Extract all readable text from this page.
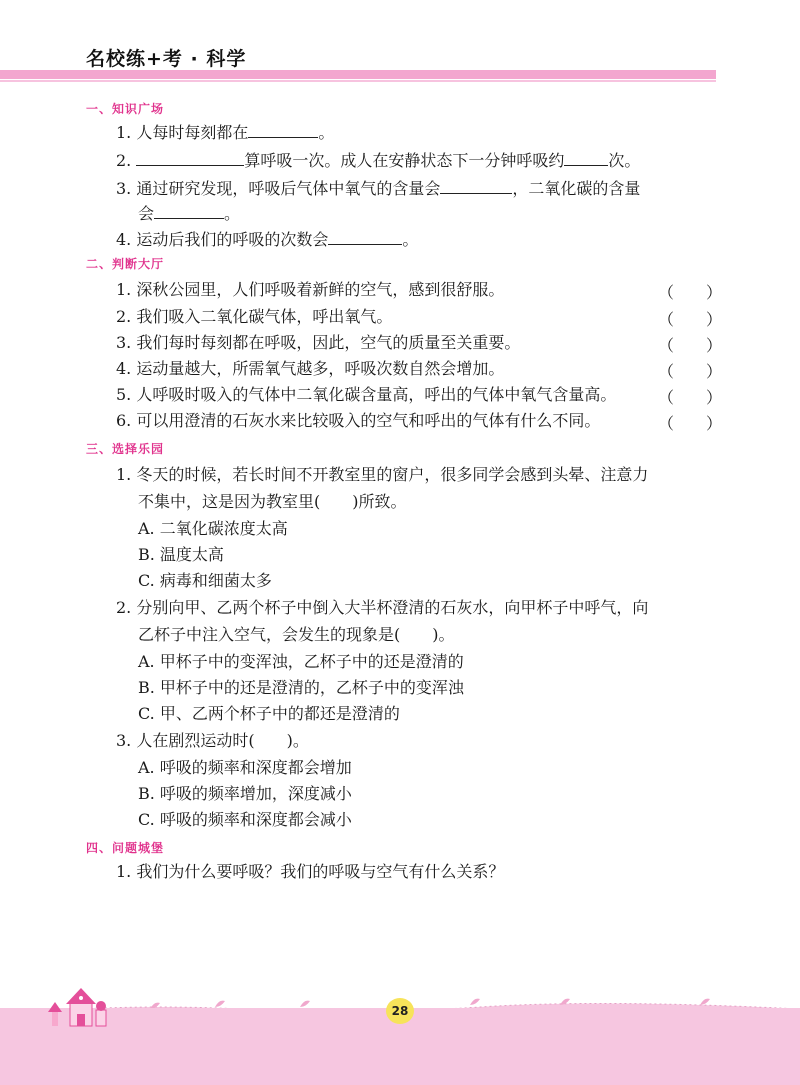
名校练+考 · 科学
一、知识广场
1. 人每时每刻都在	。
2.	算呼吸一次。成人在安静状态下一分钟呼吸约	次。
3. 通过研究发现，呼吸后气体中氧气的含量会	，二氧化碳的含量
会	。
4. 运动后我们的呼吸的次数会	。
二、判断大厅
1. 深秋公园里，人们呼吸着新鲜的空气，感到很舒服。	（　　）
2. 我们吸入二氧化碳气体，呼出氧气。	（　　）
3. 我们每时每刻都在呼吸，因此，空气的质量至关重要。	（　　）
4. 运动量越大，所需氧气越多，呼吸次数自然会增加。	（　　）
5. 人呼吸时吸入的气体中二氧化碳含量高，呼出的气体中氧气含量高。	（　　）
6. 可以用澄清的石灰水来比较吸入的空气和呼出的气体有什么不同。	（　　）
三、选择乐园
1. 冬天的时候，若长时间不开教室里的窗户，很多同学会感到头晕、注意力
不集中，这是因为教室里(　　)所致。
A. 二氧化碳浓度太高
B. 温度太高
C. 病毒和细菌太多
2. 分别向甲、乙两个杯子中倒入大半杯澄清的石灰水，向甲杯子中呼气，向
乙杯子中注入空气，会发生的现象是(　　)。
A. 甲杯子中的变浑浊，乙杯子中的还是澄清的
B. 甲杯子中的还是澄清的，乙杯子中的变浑浊
C. 甲、乙两个杯子中的都还是澄清的
3. 人在剧烈运动时(　　)。
A. 呼吸的频率和深度都会增加
B. 呼吸的频率增加，深度减小
C. 呼吸的频率和深度都会减小
四、问题城堡
1. 我们为什么要呼吸？我们的呼吸与空气有什么关系？
28
